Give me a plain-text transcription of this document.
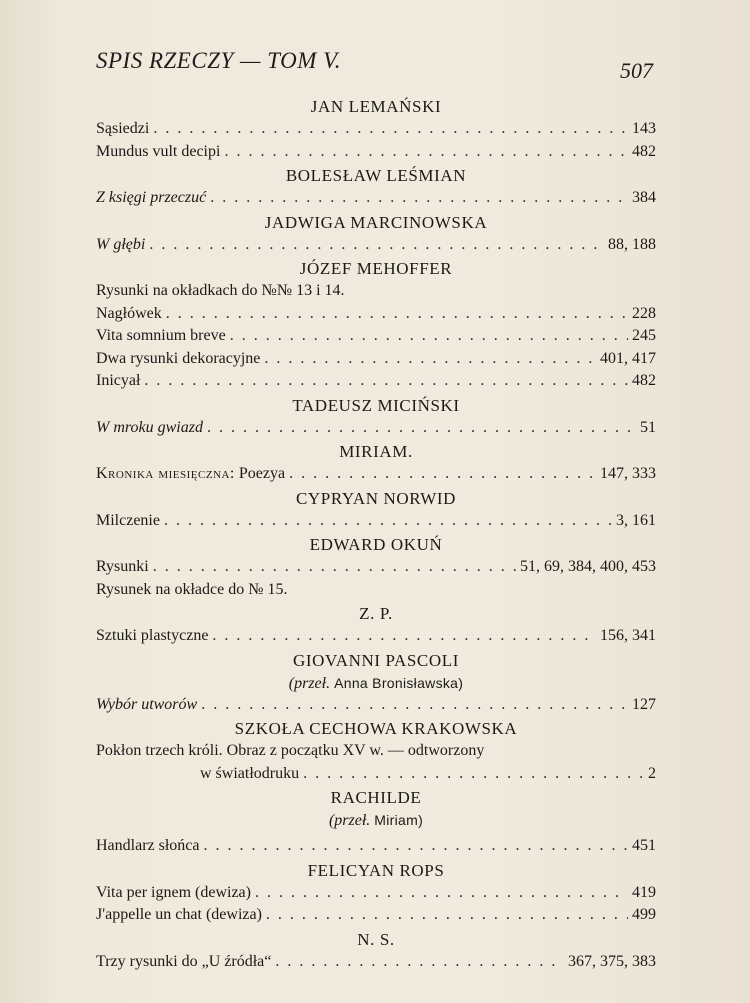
SPIS RZECZY — TOM V.	507
JAN LEMAŃSKI
Sąsiedzi . . .	143
Mundus vult decipi . . .	482
BOLESŁAW LEŚMIAN
Z księgi przeczuć . . .	384
JADWIGA MARCINOWSKA
W głębi . . .	88, 188
JÓZEF MEHOFFER
Rysunki na okładkach do №№ 13 i 14.
Nagłówek . . .	228
Vita somnium breve . . .	245
Dwa rysunki dekoracyjne . . .	401, 417
Inicyał . . .	482
TADEUSZ MICIŃSKI
W mroku gwiazd . . .	51
MIRIAM.
Kronika miesięczna: Poezya . . .	147, 333
CYPRYAN NORWID
Milczenie . . .	3, 161
EDWARD OKUŃ
Rysunki . . .	51, 69, 384, 400, 453
Rysunek na okładce do № 15.
Z. P.
Sztuki plastyczne . . .	156, 341
GIOVANNI PASCOLI
(przeł. Anna Bronisławska)
Wybór utworów . . .	127
SZKOŁA CECHOWA KRAKOWSKA
Pokłon trzech króli. Obraz z początku XV w. — odtworzony
w światłodruku . . .	2
RACHILDE
(przeł. Miriam)
Handlarz słońca . . .	451
FELICYAN ROPS
Vita per ignem (dewiza) . . .	419
J'appelle un chat (dewiza) . . .	499
N. S.
Trzy rysunki do „U źródła“ . . .	367, 375, 383
